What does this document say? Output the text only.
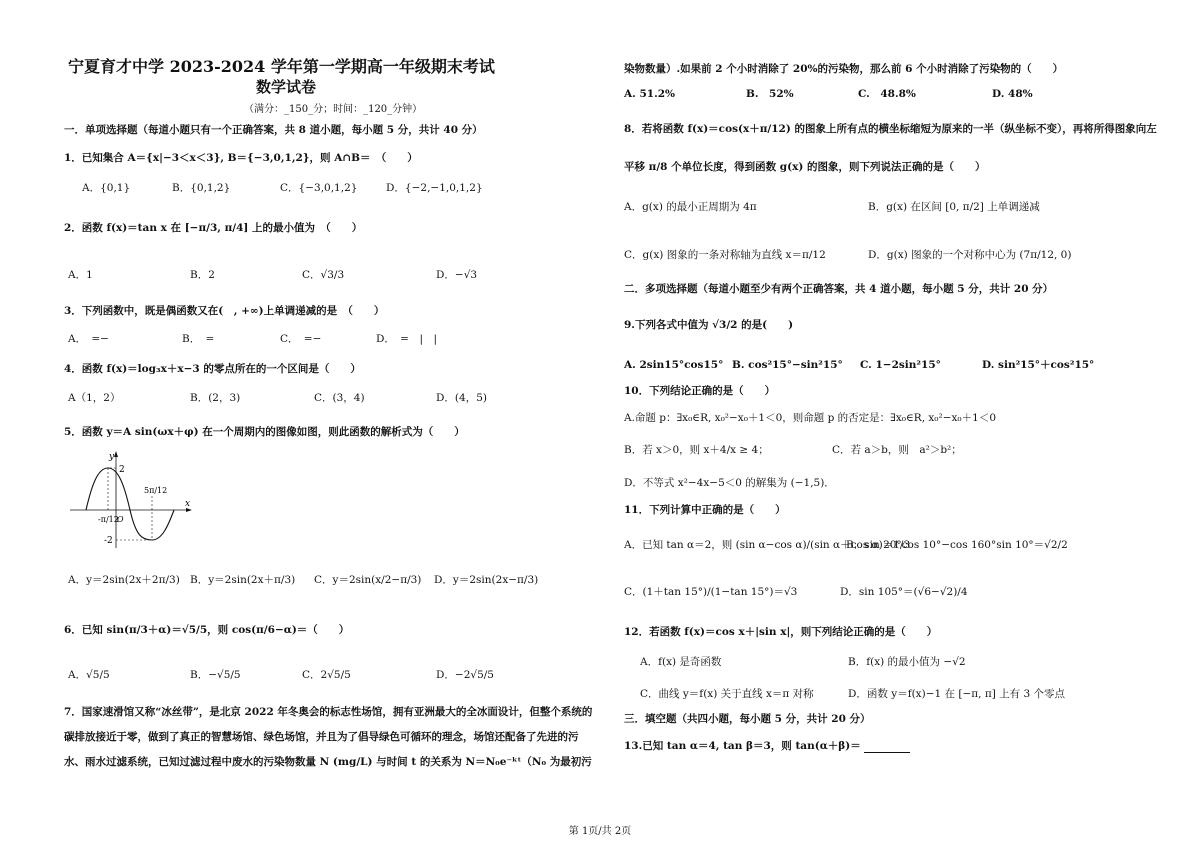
宁夏育才中学 2023-2024 学年第一学期高一年级期末考试
数学试卷
（满分：_150_分；时间：_120_分钟）
一．单项选择题（每道小题只有一个正确答案，共 8 道小题，每小题 5 分，共计 40 分）
1．已知集合 A＝{x|−3＜x＜3}, B＝{−3,0,1,2}，则 A∩B＝　（　　）
A．{0,1}	B．{0,1,2}	C．{−3,0,1,2}	D．{−2,−1,0,1,2}
2．函数 f(x)＝tan x 在 [−π/3, π/4] 上的最小值为　（　　）
A．1	B．2	C．√3/3	D．−√3
3．下列函数中，既是偶函数又在(　, +∞)上单调递减的是　（　　）
A．　=−	B．　=	C．　=−	D．　=　|　|
4．函数 f(x)＝log₃x＋x−3 的零点所在的一个区间是（　　）
A（1，2）	B．(2，3)	C．(3，4)	D．(4，5)
5．函数 y＝A sin(ωx＋φ) 在一个周期内的图像如图，则此函数的解析式为（　　）
y
x
2
-2
-π/12
5π/12
O
A．y＝2sin(2x＋2π/3) B．y＝2sin(2x＋π/3) C．y＝2sin(x/2−π/3) D．y＝2sin(2x−π/3)
6．已知 sin(π/3＋α)＝√5/5，则 cos(π/6−α)＝（　　）
A．√5/5	B．−√5/5	C．2√5/5	D．−2√5/5
7．国家速滑馆又称“冰丝带”，是北京 2022 年冬奥会的标志性场馆，拥有亚洲最大的全冰面设计，但整个系统的
碳排放接近于零，做到了真正的智慧场馆、绿色场馆，并且为了倡导绿色可循环的理念，场馆还配备了先进的污
水、雨水过滤系统，已知过滤过程中废水的污染物数量 N (mg/L) 与时间 t 的关系为 N＝N₀e⁻ᵏᵗ（N₀ 为最初污
染物数量）.如果前 2 个小时消除了 20%的污染物，那么前 6 个小时消除了污染物的（　　）
A. 51.2%	B.　52%	C.　48.8%	D. 48%
8．若将函数 f(x)＝cos(x＋π/12) 的图象上所有点的横坐标缩短为原来的一半（纵坐标不变），再将所得图象向左
平移 π/8 个单位长度，得到函数 g(x) 的图象，则下列说法正确的是（　　）
A．g(x) 的最小正周期为 4π	B．g(x) 在区间 [0, π/2] 上单调递减
C．g(x) 图象的一条对称轴为直线 x＝π/12	D．g(x) 图象的一个对称中心为 (7π/12, 0)
二．多项选择题（每道小题至少有两个正确答案，共 4 道小题，每小题 5 分，共计 20 分）
9.下列各式中值为 √3/2 的是(　　)
A. 2sin15°cos15° B. cos²15°−sin²15° C. 1−2sin²15°	D. sin²15°＋cos²15°
10．下列结论正确的是（　　）
A.命题 p：∃x₀∈R, x₀²−x₀＋1＜0，则命题 p 的否定是：∃x₀∈R, x₀²−x₀＋1＜0
B．若 x＞0，则 x＋4/x ≥ 4；	C．若 a＞b，则　a²＞b²；
D．不等式 x²−4x−5＜0 的解集为 (−1,5)．
11．下列计算中正确的是（　　）
A．已知 tan α＝2，则 (sin α−cos α)/(sin α＋cos α)＝1/3
B．sin 20°cos 10°−cos 160°sin 10°＝√2/2
C．(1＋tan 15°)/(1−tan 15°)＝√3	D．sin 105°＝(√6−√2)/4
12．若函数 f(x)＝cos x＋|sin x|，则下列结论正确的是（　　）
A．f(x) 是奇函数	B．f(x) 的最小值为 −√2
C．曲线 y＝f(x) 关于直线 x＝π 对称	D．函数 y＝f(x)−1 在 [−π, π] 上有 3 个零点
三．填空题（共四小题，每小题 5 分，共计 20 分）
13.已知 tan α＝4, tan β＝3，则 tan(α＋β)＝
第 1页/共 2页
